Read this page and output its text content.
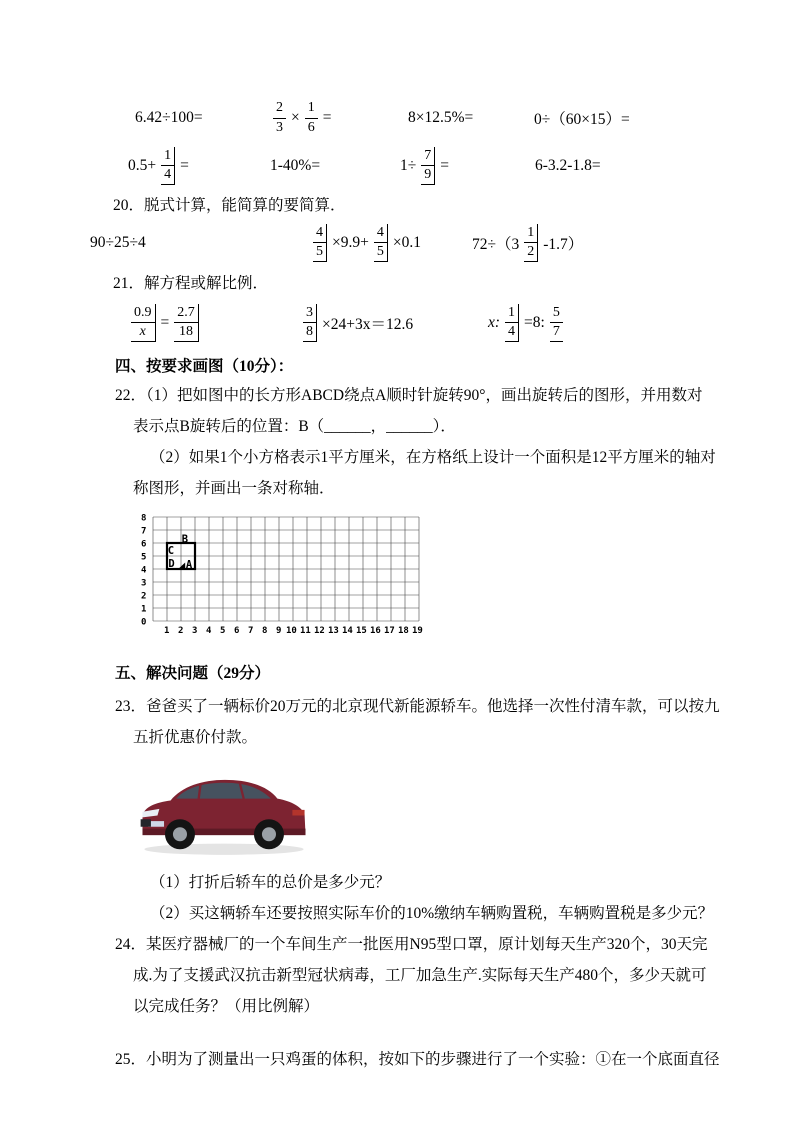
6.42÷100=	$\frac{2}{3} \times \frac{1}{6}$ =	8×12.5%=	0÷（60×15）=
$0.5+ \frac{1}{4}$ =	1-40%=	$1\div \frac{7}{9}$ =	6-3.2-1.8=
20．脱式计算，能简算的要简算．
90÷25÷4	$\frac{4}{5} \times 9.9+ \frac{4}{5} \times 0.1$	$72\div(3 \frac{1}{2} -1.7)$
21．解方程或解比例．
$\frac{0.9}{x} = \frac{2.7}{18}$	$\frac{3}{8} \times 24+3x=12.6$	x: $\frac{1}{4} =8$: $\frac{5}{7}$
四、按要求画图（10分）：
22．（1）把如图中的长方形ABCD绕点A顺时针旋转90°，画出旋转后的图形，并用数对
表示点B旋转后的位置：B（______，______）．
（2）如果1个小方格表示1平方厘米，在方格纸上设计一个面积是12平方厘米的轴对
称图形，并画出一条对称轴．
8
7
6
5
4
3
2
1
0
1 2 3 4 5 6 7 8 9 10 11 12 13 14 15 16 17 18 19
C
B
D A
五、解决问题（29分）
23．爸爸买了一辆标价20万元的北京现代新能源轿车。他选择一次性付清车款，可以按九
五折优惠价付款。
（1）打折后轿车的总价是多少元？
（2）买这辆轿车还要按照实际车价的10%缴纳车辆购置税，车辆购置税是多少元？
24．某医疗器械厂的一个车间生产一批医用N95型口罩，原计划每天生产320个，30天完
成.为了支援武汉抗击新型冠状病毒，工厂加急生产.实际每天生产480个，多少天就可
以完成任务？（用比例解）
25．小明为了测量出一只鸡蛋的体积，按如下的步骤进行了一个实验：①在一个底面直径
